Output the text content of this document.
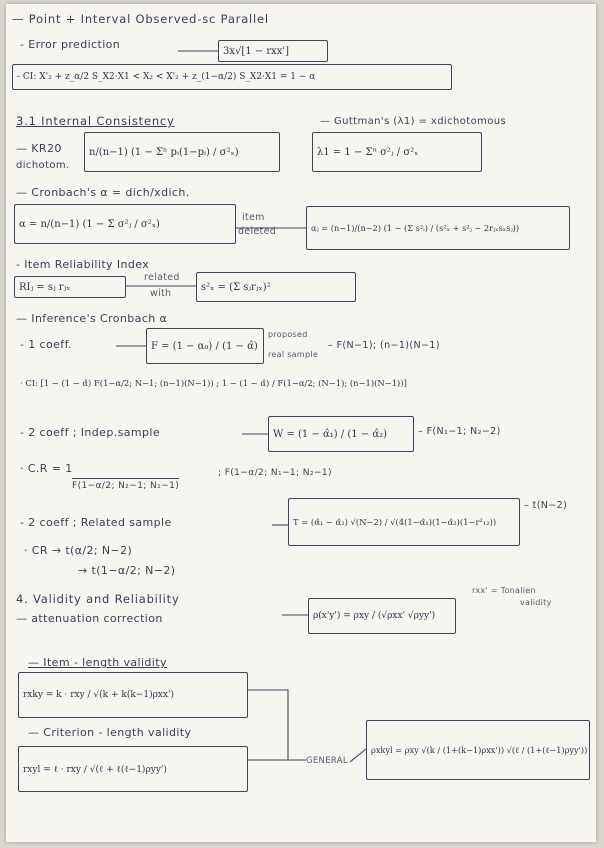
— Point + Interval Observed-sc Parallel
- Error prediction	3x√[1 − rxx']
- CI: X'₂ + z_α/2 S_X2·X1 < X₂ < X'₂ + z_(1−α/2) S_X2·X1 = 1 − α
3.1 Internal Consistency	— Guttman's (λ1) = xdichotomous
— KR20
dichotom.
n/(n−1) (1 − Σⁿ pᵢ(1−pᵢ) / σ²ₓ)	λ1 = 1 − Σⁿ σ²ⱼ / σ²ₓ
— Cronbach's α = dich/xdich.
α = n/(n−1) (1 − Σ σ²ⱼ / σ²ₓ)
item
deleted	αⱼ = (n−1)/(n−2) (1 − (Σ s²ᵢ) / (s²ₓ + s²ⱼ − 2rⱼₓsₓsⱼ))
- Item Reliability Index
RIⱼ = sⱼ rⱼₓ
related
with
s²ₓ = (Σ sⱼrⱼₓ)²
— Inference's Cronbach α
- 1 coeff.	F = (1 − α₀) / (1 − α̂)
proposed
real sample
– F(N−1); (n−1)(N−1)
· CI: [1 − (1 − α̂) F(1−α/2; N−1; (n−1)(N−1)) ; 1 − (1 − α̂) / F(1−α/2; (N−1); (n−1)(N−1))]
- 2 coeff ; Indep.sample	W = (1 − α̂₁) / (1 − α̂₂)	– F(N₁−1; N₂−2)
· C.R = 1
F(1−α/2; N₂−1; N₁−1)
; F(1−α/2; N₁−1; N₂−1)
- 2 coeff ; Related sample	T = (α̂₁ − α̂₂) √(N−2) / √(4(1−α̂₁)(1−α̂₂)(1−r²₁₂))
– t(N−2)
· CR → t(α/2; N−2)
→ t(1−α/2; N−2)
4. Validity and Reliability
— attenuation correction	ρ(x'y') = ρxy / (√ρxx' √ρyy')
rxx' = Tonalien
validity
— Item - length validity
rxky = k · rxy / √(k + k(k−1)ρxx')
— Criterion - length validity
rxyl = ℓ · rxy / √(ℓ + ℓ(ℓ−1)ρyy')
GENERAL
ρxkyl = ρxy √(k / (1+(k−1)ρxx')) √(ℓ / (1+(ℓ−1)ρyy'))
